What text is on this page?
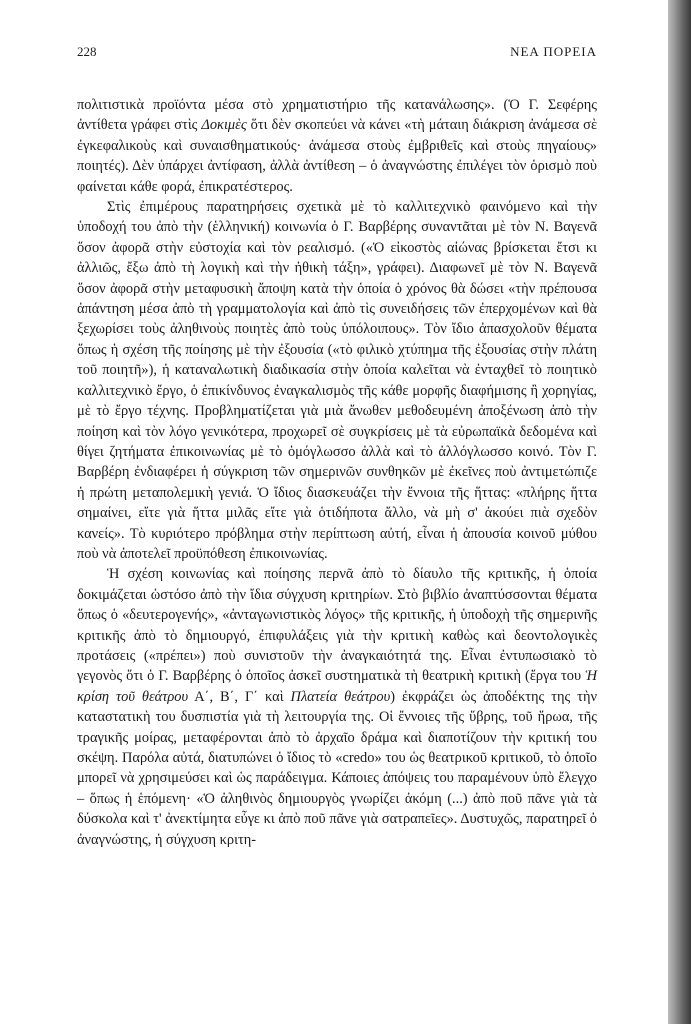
228	ΝΕΑ ΠΟΡΕΙΑ

πολιτιστικὰ προϊόντα μέσα στὸ χρηματιστήριο τῆς κατανάλωσης». (Ὁ Γ. Σεφέρης ἀντίθετα γράφει στὶς Δοκιμὲς ὅτι δὲν σκοπεύει νὰ κάνει «τὴ μάταιη διάκριση ἀνάμεσα σὲ ἐγκεφαλικοὺς καὶ συναισθηματικούς· ἀνάμεσα στοὺς ἐμβριθεῖς καὶ στοὺς πηγαίους» ποιητές). Δὲν ὑπάρχει ἀντίφαση, ἀλλὰ ἀντίθεση – ὁ ἀναγνώστης ἐπιλέγει τὸν ὁρισμὸ ποὺ φαίνεται κάθε φορά, ἐπικρατέστερος.

Στὶς ἐπιμέρους παρατηρήσεις σχετικὰ μὲ τὸ καλλιτεχνικὸ φαινόμενο καὶ τὴν ὑποδοχή του ἀπὸ τὴν (ἑλληνική) κοινωνία ὁ Γ. Βαρβέρης συναντᾶται μὲ τὸν Ν. Βαγενᾶ ὅσον ἀφορᾶ στὴν εὐστοχία καὶ τὸν ρεαλισμό. («Ὁ εἰκοστὸς αἰώνας βρίσκεται ἔτσι κι ἀλλιῶς, ἔξω ἀπὸ τὴ λογικὴ καὶ τὴν ἠθικὴ τάξη», γράφει). Διαφωνεῖ μὲ τὸν Ν. Βαγενᾶ ὅσον ἀφορᾶ στὴν μεταφυσικὴ ἄποψη κατὰ τὴν ὁποία ὁ χρόνος θὰ δώσει «τὴν πρέπουσα ἀπάντηση μέσα ἀπὸ τὴ γραμματολογία καὶ ἀπὸ τὶς συνειδήσεις τῶν ἐπερχομένων καὶ θὰ ξεχωρίσει τοὺς ἀληθινοὺς ποιητὲς ἀπὸ τοὺς ὑπόλοιπους». Τὸν ἴδιο ἀπασχολοῦν θέματα ὅπως ἡ σχέση τῆς ποίησης μὲ τὴν ἐξουσία («τὸ φιλικὸ χτύπημα τῆς ἐξουσίας στὴν πλάτη τοῦ ποιητῆ»), ἡ καταναλωτικὴ διαδικασία στὴν ὁποία καλεῖται νὰ ἐνταχθεῖ τὸ ποιητικὸ καλλιτεχνικὸ ἔργο, ὁ ἐπικίνδυνος ἐναγκαλισμὸς τῆς κάθε μορφῆς διαφήμισης ἢ χορηγίας, μὲ τὸ ἔργο τέχνης. Προβληματίζεται γιὰ μιὰ ἄνωθεν μεθοδευμένη ἀποξένωση ἀπὸ τὴν ποίηση καὶ τὸν λόγο γενικότερα, προχωρεῖ σὲ συγκρίσεις μὲ τὰ εὐρωπαϊκὰ δεδομένα καὶ θίγει ζητήματα ἐπικοινωνίας μὲ τὸ ὁμόγλωσσο ἀλλὰ καὶ τὸ ἀλλόγλωσσο κοινό. Τὸν Γ. Βαρβέρη ἐνδιαφέρει ἡ σύγκριση τῶν σημερινῶν συνθηκῶν μὲ ἐκεῖνες ποὺ ἀντιμετώπιζε ἡ πρώτη μεταπολεμικὴ γενιά. Ὁ ἴδιος διασκευάζει τὴν ἔννοια τῆς ἥττας: «πλήρης ἥττα σημαίνει, εἴτε γιὰ ἥττα μιλᾶς εἴτε γιὰ ὁτιδήποτα ἄλλο, νὰ μὴ σ' ἀκούει πιὰ σχεδὸν κανείς». Τὸ κυριότερο πρόβλημα στὴν περίπτωση αὐτή, εἶναι ἡ ἀπουσία κοινοῦ μύθου ποὺ νὰ ἀποτελεῖ προϋπόθεση ἐπικοινωνίας.

Ἡ σχέση κοινωνίας καὶ ποίησης περνᾶ ἀπὸ τὸ δίαυλο τῆς κριτικῆς, ἡ ὁποία δοκιμάζεται ὡστόσο ἀπὸ τὴν ἴδια σύγχυση κριτηρίων. Στὸ βιβλίο ἀναπτύσσονται θέματα ὅπως ὁ «δευτερογενής», «ἀνταγωνιστικὸς λόγος» τῆς κριτικῆς, ἡ ὑποδοχὴ τῆς σημερινῆς κριτικῆς ἀπὸ τὸ δημιουργό, ἐπιφυλάξεις γιὰ τὴν κριτικὴ καθὼς καὶ δεοντολογικὲς προτάσεις («πρέπει») ποὺ συνιστοῦν τὴν ἀναγκαιότητά της. Εἶναι ἐντυπωσιακὸ τὸ γεγονὸς ὅτι ὁ Γ. Βαρβέρης ὁ ὁποῖος ἀσκεῖ συστηματικὰ τὴ θεατρικὴ κριτικὴ (ἔργα του Ἡ κρίση τοῦ θεάτρου Α΄, Β΄, Γ΄ καὶ Πλατεία θεάτρου) ἐκφράζει ὡς ἀποδέκτης της τὴν καταστατικὴ του δυσπιστία γιὰ τὴ λειτουργία της. Οἱ ἔννοιες τῆς ὕβρης, τοῦ ἥρωα, τῆς τραγικῆς μοίρας, μεταφέρονται ἀπὸ τὸ ἀρχαῖο δράμα καὶ διαποτίζουν τὴν κριτική του σκέψη. Παρόλα αὐτά, διατυπώνει ὁ ἴδιος τὸ «credo» του ὡς θεατρικοῦ κριτικοῦ, τὸ ὁποῖο μπορεῖ νὰ χρησιμεύσει καὶ ὡς παράδειγμα. Κάποιες ἀπόψεις του παραμένουν ὑπὸ ἔλεγχο – ὅπως ἡ ἑπόμενη· «Ὁ ἀληθινὸς δημιουργὸς γνωρίζει ἀκόμη (...) ἀπὸ ποῦ πᾶνε γιὰ τὰ δύσκολα καὶ τ' ἀνεκτίμητα εὖγε κι ἀπὸ ποῦ πᾶνε γιὰ σατραπεῖες». Δυστυχῶς, παρατηρεῖ ὁ ἀναγνώστης, ἡ σύγχυση κριτη-
